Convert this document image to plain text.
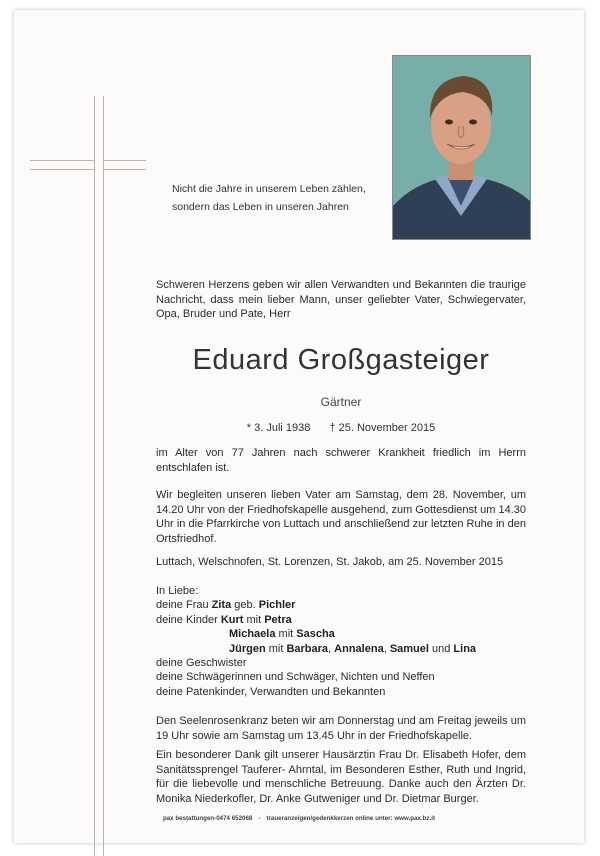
Nicht die Jahre in unserem Leben zählen,
sondern das Leben in unseren Jahren
Schweren Herzens geben wir allen Verwandten und Bekannten die traurige Nachricht, dass mein lieber Mann, unser geliebter Vater, Schwiegervater, Opa, Bruder und Pate, Herr
Eduard Großgasteiger
Gärtner
* 3. Juli 1938 † 25. November 2015
im Alter von 77 Jahren nach schwerer Krankheit friedlich im Herrn entschlafen ist.
Wir begleiten unseren lieben Vater am Samstag, dem 28. November, um 14.20 Uhr von der Friedhofskapelle ausgehend, zum Gottesdienst um 14.30 Uhr in die Pfarrkirche von Luttach und anschließend zur letzten Ruhe in den Ortsfriedhof.
Luttach, Welschnofen, St. Lorenzen, St. Jakob, am 25. November 2015
In Liebe:
deine Frau Zita geb. Pichler
deine Kinder Kurt mit Petra
Michaela mit Sascha
Jürgen mit Barbara, Annalena, Samuel und Lina
deine Geschwister
deine Schwägerinnen und Schwäger, Nichten und Neffen
deine Patenkinder, Verwandten und Bekannten
Den Seelenrosenkranz beten wir am Donnerstag und am Freitag jeweils um 19 Uhr sowie am Samstag um 13.45 Uhr in der Friedhofskapelle.
Ein besonderer Dank gilt unserer Hausärztin Frau Dr. Elisabeth Hofer, dem Sanitätssprengel Tauferer- Ahrntal, im Besonderen Esther, Ruth und Ingrid, für die liebevolle und menschliche Betreuung. Danke auch den Ärzten Dr. Monika Niederkofler, Dr. Anke Gutweniger und Dr. Dietmar Burger.
pax bestattungen-0474 652068 - traueranzeigen/gedenkkerzen online unter: www.pax.bz.it
